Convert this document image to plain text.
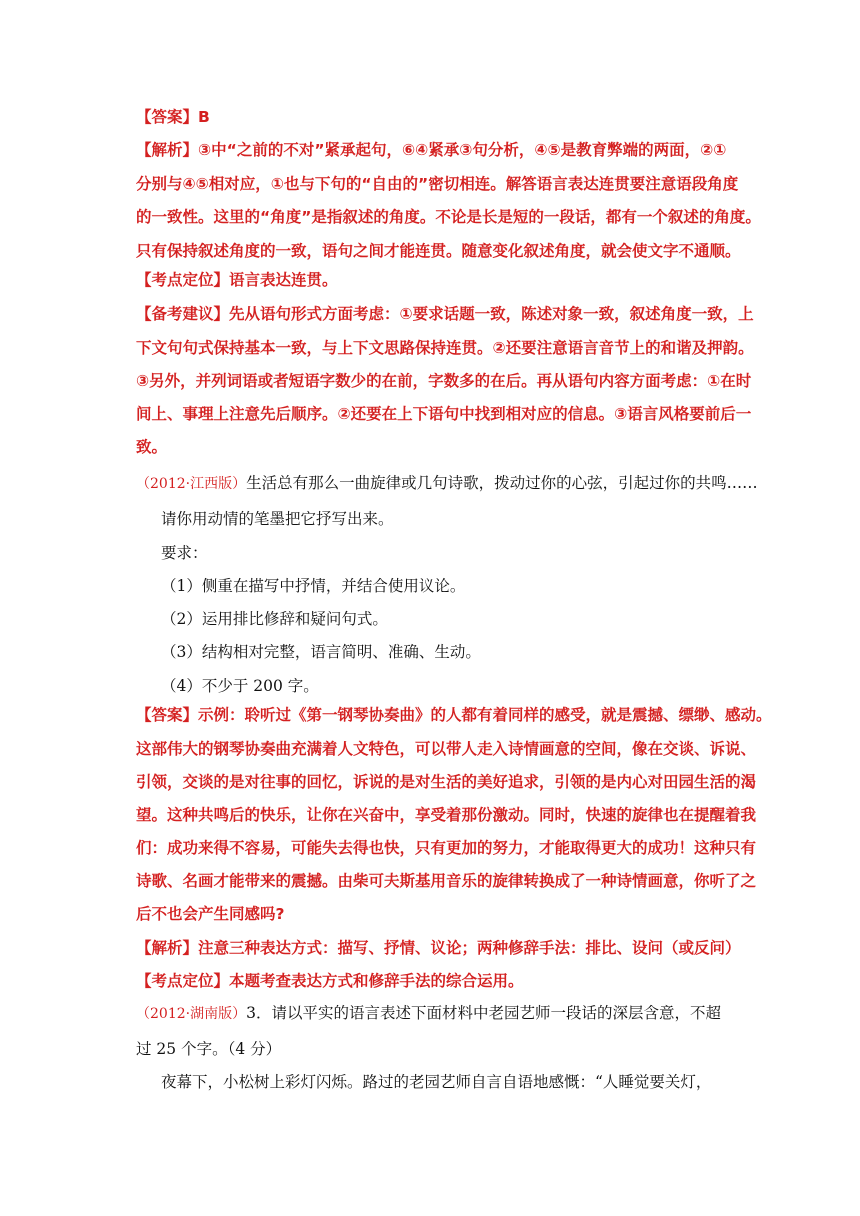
【答案】B
【解析】③中“之前的不对”紧承起句，⑥④紧承③句分析，④⑤是教育弊端的两面，②①
分别与④⑤相对应，①也与下句的“自由的”密切相连。解答语言表达连贯要注意语段角度
的一致性。这里的“角度”是指叙述的角度。不论是长是短的一段话，都有一个叙述的角度。
只有保持叙述角度的一致，语句之间才能连贯。随意变化叙述角度，就会使文字不通顺。
【考点定位】语言表达连贯。
【备考建议】先从语句形式方面考虑：①要求话题一致，陈述对象一致，叙述角度一致，上
下文句句式保持基本一致，与上下文思路保持连贯。②还要注意语言音节上的和谐及押韵。
③另外，并列词语或者短语字数少的在前，字数多的在后。再从语句内容方面考虑：①在时
间上、事理上注意先后顺序。②还要在上下语句中找到相对应的信息。③语言风格要前后一
致。
（2012·江西版）生活总有那么一曲旋律或几句诗歌，拨动过你的心弦，引起过你的共鸣……
请你用动情的笔墨把它抒写出来。
要求：
（1）侧重在描写中抒情，并结合使用议论。
（2）运用排比修辞和疑问句式。
（3）结构相对完整，语言简明、准确、生动。
（4）不少于 200 字。
【答案】示例：聆听过《第一钢琴协奏曲》的人都有着同样的感受，就是震撼、缥缈、感动。
这部伟大的钢琴协奏曲充满着人文特色，可以带人走入诗情画意的空间，像在交谈、诉说、
引领，交谈的是对往事的回忆，诉说的是对生活的美好追求，引领的是内心对田园生活的渴
望。这种共鸣后的快乐，让你在兴奋中，享受着那份激动。同时，快速的旋律也在提醒着我
们：成功来得不容易，可能失去得也快，只有更加的努力，才能取得更大的成功！这种只有
诗歌、名画才能带来的震撼。由柴可夫斯基用音乐的旋律转换成了一种诗情画意，你听了之
后不也会产生同感吗?
【解析】注意三种表达方式：描写、抒情、议论；两种修辞手法：排比、设问（或反问）
【考点定位】本题考查表达方式和修辞手法的综合运用。
（2012·湖南版）3．请以平实的语言表述下面材料中老园艺师一段话的深层含意，不超
过 25 个字。（4 分）
夜幕下，小松树上彩灯闪烁。路过的老园艺师自言自语地感慨：“人睡觉要关灯，
